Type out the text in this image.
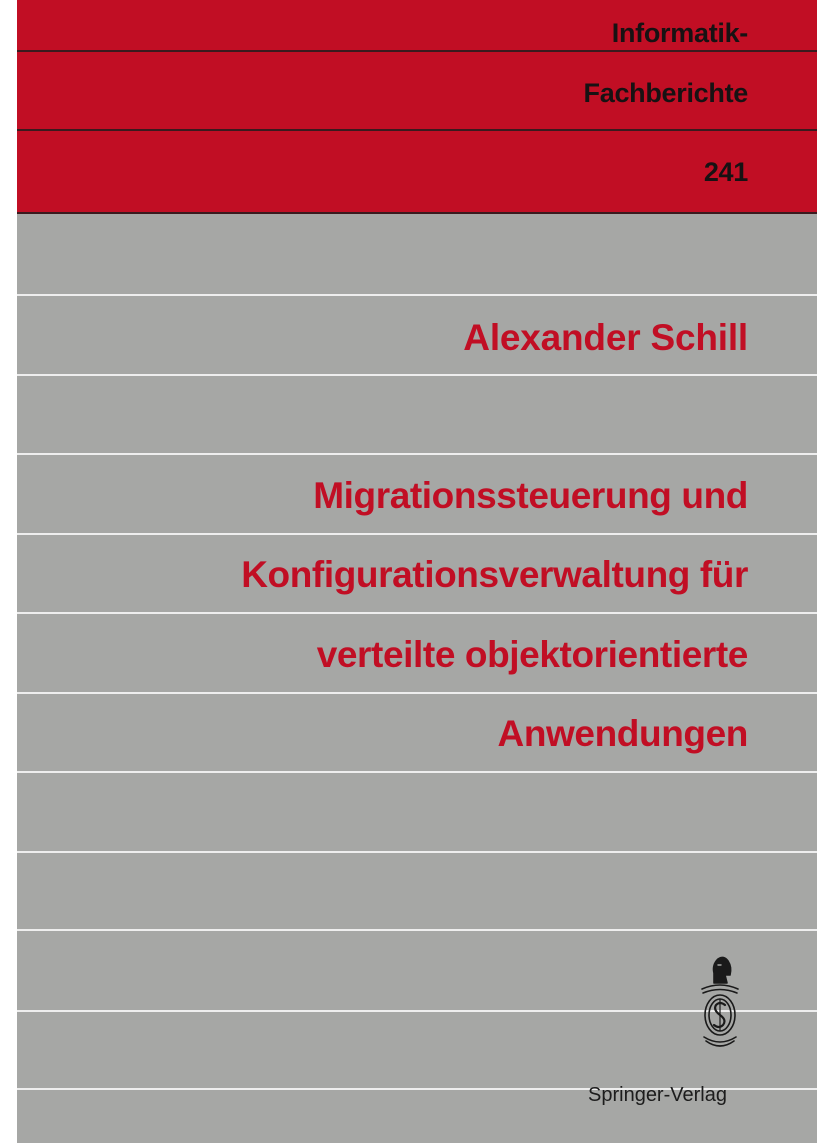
Informatik-
Fachberichte
241
Alexander Schill
Migrationssteuerung und
Konfigurationsverwaltung für
verteilte objektorientierte
Anwendungen
Springer-Verlag
